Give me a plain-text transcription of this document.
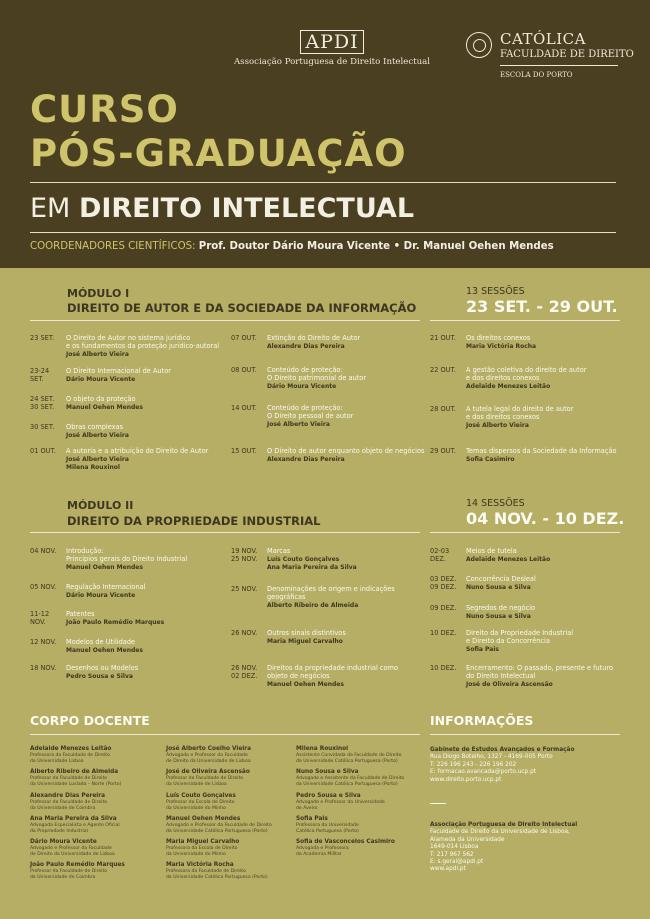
APDI
Associação Portuguesa de Direito Intelectual
CATÓLICA
FACULDADE DE DIREITO
ESCOLA DO PORTO
CURSO
PÓS-GRADUAÇÃO
EM DIREITO INTELECTUAL
COORDENADORES CIENTÍFICOS: Prof. Doutor Dário Moura Vicente • Dr. Manuel Oehen Mendes
MÓDULO I
DIREITO DE AUTOR E DA SOCIEDADE DA INFORMAÇÃO
13 SESSÕES
23 SET. - 29 OUT.
23 SET. O Direito de Autor no sistema jurídico
e os fundamentos da proteção jurídico-autoral
José Alberto Vieira
23-24
SET.
O Direito Internacional de Autor
Dário Moura Vicente
24 SET.
30 SET.
O objeto da proteção
Manuel Oehen Mendes
30 SET. Obras complexas
José Alberto Vieira
01 OUT. A autoria e a atribuição do Direito de Autor
José Alberto Vieira
Milena Rouxinol
07 OUT. Extinção do Direito de Autor
Alexandre Dias Pereira
08 OUT. Conteúdo de proteção:
O Direito patrimonial de autor
Dário Moura Vicente
14 OUT. Conteúdo de proteção:
O Direito pessoal de autor
José Alberto Vieira
15 OUT. O Direito de autor enquanto objeto de negócios
Alexandre Dias Pereira
21 OUT. Os direitos conexos
Maria Victória Rocha
22 OUT. A gestão coletiva do direito de autor
e dos direitos conexos
Adelaide Menezes Leitão
28 OUT. A tutela legal do direito de autor
e dos direitos conexos
José Alberto Vieira
29 OUT. Temas dispersos da Sociedade da Informação
Sofia Casimiro
MÓDULO II
DIREITO DA PROPRIEDADE INDUSTRIAL
14 SESSÕES
04 NOV. - 10 DEZ.
04 NOV. Introdução:
Princípios gerais do Direito Industrial
Manuel Oehen Mendes
05 NOV. Regulação Internacional
Dário Moura Vicente
11-12
NOV.
Patentes
João Paulo Remédio Marques
12 NOV. Modelos de Utilidade
Manuel Oehen Mendes
18 NOV. Desenhos ou Modelos
Pedro Sousa e Silva
19 NOV.
25 NOV.
Marcas
Luís Couto Gonçalves
Ana Maria Pereira da Silva
25 NOV. Denominações de origem e indicações
geográficas
Alberto Ribeiro de Almeida
26 NOV. Outros sinais distintivos
Maria Miguel Carvalho
26 NOV.
02 DEZ.
Direitos da propriedade industrial como
objeto de negócios
Manuel Oehen Mendes
02-03
DEZ.
Meios de tutela
Adelaide Menezes Leitão
03 DEZ.
09 DEZ.
Concorrência Desleal
Nuno Sousa e Silva
09 DEZ. Segredos de negócio
Nuno Sousa e Silva
10 DEZ. Direito da Propriedade Industrial
e Direito da Concorrência
Sofia Pais
10 DEZ. Encerramento: O passado, presente e futuro
do Direito Intelectual
José de Oliveira Ascensão
CORPO DOCENTE
Adelaide Menezes Leitão
Professora da Faculdade de Direito
da Universidade Lisboa
Alberto Ribeiro de Almeida
Professor da Faculdade de Direito
da Universidade Lusíada – Norte (Porto)
Alexandre Dias Pereira
Professor da Faculdade de Direito
da Universidade de Coimbra
Ana Maria Pereira da Silva
Advogada Especialista e Agente Oficial
da Propriedade Industrial
Dário Moura Vicente
Advogado e Professor da Faculdade
de Direito da Universidade de Lisboa
João Paulo Remédio Marques
Professor da Faculdade de Direito
da Universidade de Coimbra
José Alberto Coelho Vieira
Advogado e Professor da Faculdade
de Direito da Universidade de Lisboa
José de Oliveira Ascensão
Professor da Faculdade de Direito
da Universidade de Lisboa
Luís Couto Gonçalves
Professor da Escola de Direito
da Universidade do Minho
Manuel Oehen Mendes
Advogado e Professor da Faculdade de Direito
da Universidade Católica Portuguesa (Porto)
Maria Miguel Carvalho
Professora da Escola de Direito
da Universidade do Minho
Maria Victória Rocha
Professora da Faculdade de Direito
da Universidade Católica Portuguesa (Porto)
Milena Rouxinol
Assistente Convidada da Faculdade de Direito
da Universidade Católica Portuguesa (Porto)
Nuno Sousa e Silva
Advogado e Assistente da Faculdade de Direito
da Universidade Católica Portuguesa (Porto)
Pedro Sousa e Silva
Advogado e Professor da Universidade
de Aveiro
Sofia Pais
Professora da Universidade
Católica Portuguesa (Porto)
Sofia de Vasconcelos Casimiro
Advogada e Professora
da Academia Militar
INFORMAÇÕES
Gabinete de Estudos Avançados e Formação
Rua Diogo Botelho, 1327 - 4169-005 Porto
T: 226 196 243 - 226 196 202
E: formacao.avancada@porto.ucp.pt
www.direito.porto.ucp.pt
Associação Portuguesa de Direito Intelectual
Faculdade de Direito da Universidade de Lisboa,
Alameda da Universidade
1649-014 Lisboa
T: 217 967 562
E: s.geral@apdi.pt
www.apdi.pt
